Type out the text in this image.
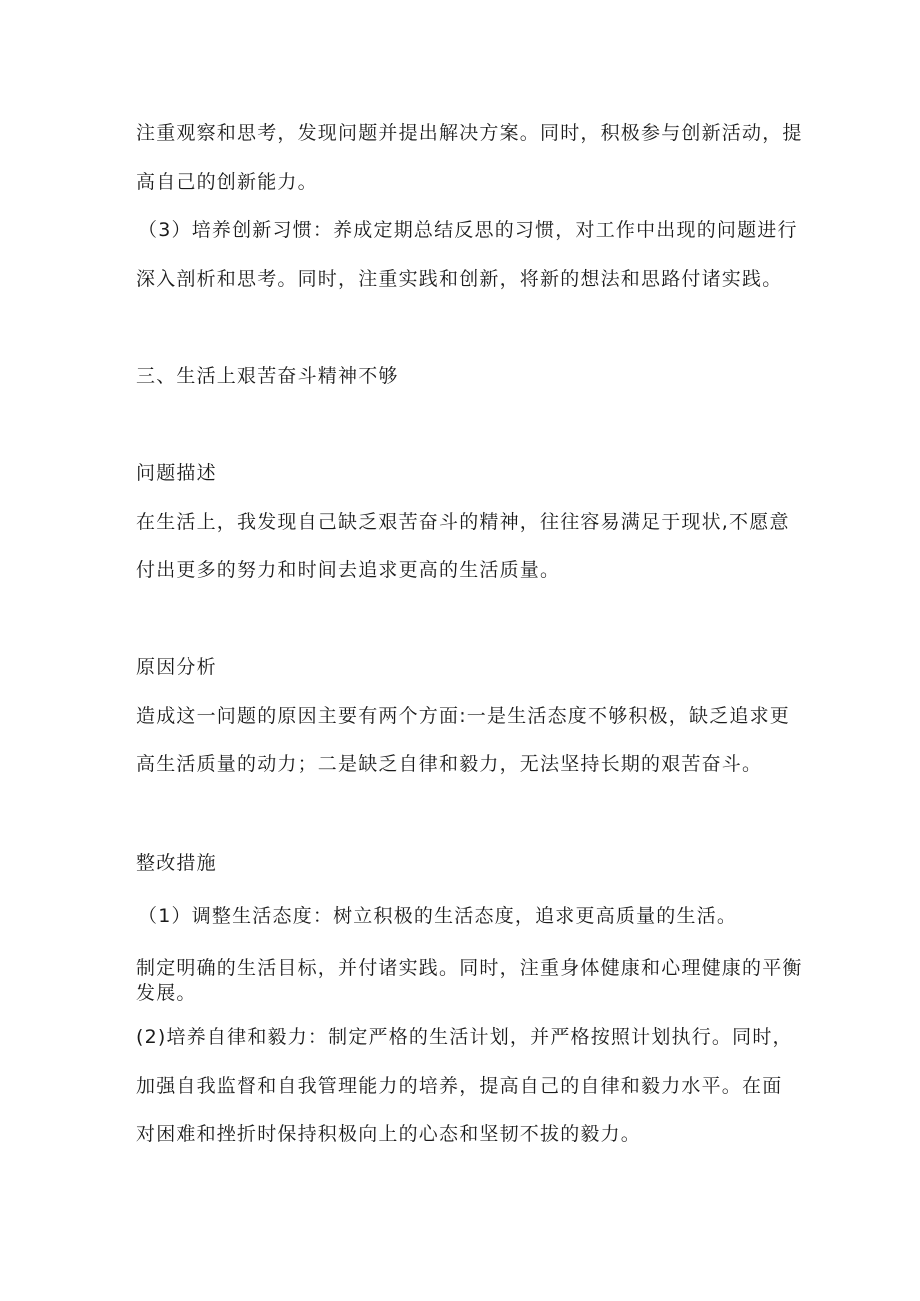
注重观察和思考，发现问题并提出解决方案。同时，积极参与创新活动，提
高自己的创新能力。
（3）培养创新习惯：养成定期总结反思的习惯，对工作中出现的问题进行
深入剖析和思考。同时，注重实践和创新，将新的想法和思路付诸实践。
三、生活上艰苦奋斗精神不够
问题描述
在生活上，我发现自己缺乏艰苦奋斗的精神，往往容易满足于现状,不愿意
付出更多的努力和时间去追求更高的生活质量。
原因分析
造成这一问题的原因主要有两个方面:一是生活态度不够积极，缺乏追求更
高生活质量的动力；二是缺乏自律和毅力，无法坚持长期的艰苦奋斗。
整改措施
（1）调整生活态度：树立积极的生活态度，追求更高质量的生活。
制定明确的生活目标，并付诸实践。同时，注重身体健康和心理健康的平衡
发展。
(2)培养自律和毅力：制定严格的生活计划，并严格按照计划执行。同时，
加强自我监督和自我管理能力的培养，提高自己的自律和毅力水平。在面
对困难和挫折时保持积极向上的心态和坚韧不拔的毅力。
